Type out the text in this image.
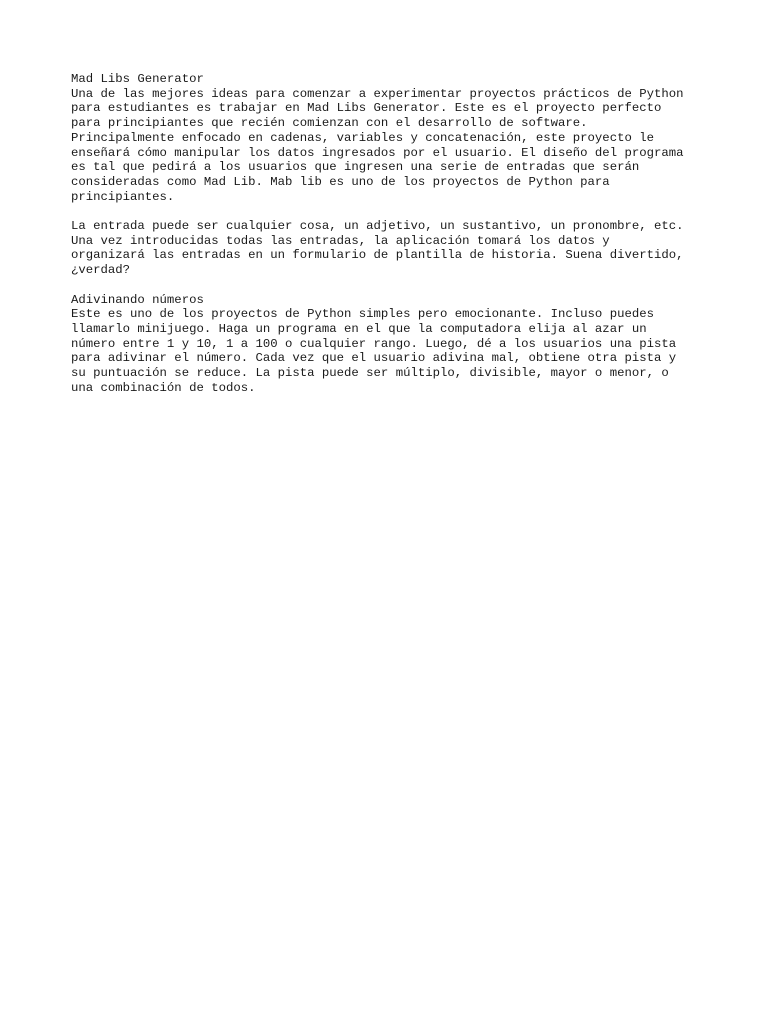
Mad Libs Generator

Una de las mejores ideas para comenzar a experimentar proyectos prácticos de Python
para estudiantes es trabajar en Mad Libs Generator. Este es el proyecto perfecto
para principiantes que recién comienzan con el desarrollo de software.
Principalmente enfocado en cadenas, variables y concatenación, este proyecto le
enseñará cómo manipular los datos ingresados por el usuario. El diseño del programa
es tal que pedirá a los usuarios que ingresen una serie de entradas que serán
consideradas como Mad Lib. Mab lib es uno de los proyectos de Python para
principiantes.

La entrada puede ser cualquier cosa, un adjetivo, un sustantivo, un pronombre, etc.
Una vez introducidas todas las entradas, la aplicación tomará los datos y
organizará las entradas en un formulario de plantilla de historia. Suena divertido,
¿verdad?

Adivinando números

Este es uno de los proyectos de Python simples pero emocionante. Incluso puedes
llamarlo minijuego. Haga un programa en el que la computadora elija al azar un
número entre 1 y 10, 1 a 100 o cualquier rango. Luego, dé a los usuarios una pista
para adivinar el número. Cada vez que el usuario adivina mal, obtiene otra pista y
su puntuación se reduce. La pista puede ser múltiplo, divisible, mayor o menor, o
una combinación de todos.
